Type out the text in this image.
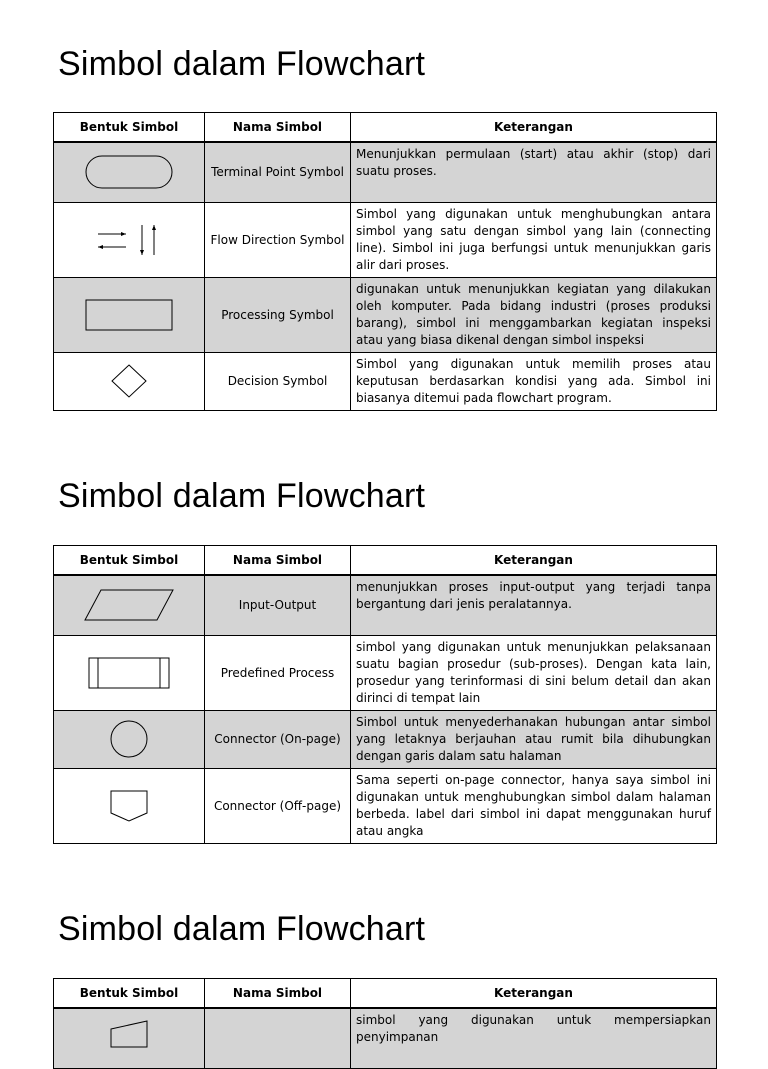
Simbol dalam Flowchart
Bentuk Simbol	Nama Simbol	Keterangan

	Terminal Point Symbol	Menunjukkan permulaan (start) atau akhir (stop) dari suatu proses.

	Flow Direction Symbol	Simbol yang digunakan untuk menghubungkan antara simbol yang satu dengan simbol yang lain (connecting line). Simbol ini juga berfungsi untuk menunjukkan garis alir dari proses.

	Processing Symbol	digunakan untuk menunjukkan kegiatan yang dilakukan oleh komputer. Pada bidang industri (proses produksi barang), simbol ini menggambarkan kegiatan inspeksi atau yang biasa dikenal dengan simbol inspeksi

	Decision Symbol	Simbol yang digunakan untuk memilih proses atau keputusan berdasarkan kondisi yang ada. Simbol ini biasanya ditemui pada flowchart program.
Simbol dalam Flowchart
Bentuk Simbol	Nama Simbol	Keterangan

	Input-Output	menunjukkan proses input-output yang terjadi tanpa bergantung dari jenis peralatannya.

	Predefined Process	simbol yang digunakan untuk menunjukkan pelaksanaan suatu bagian prosedur (sub-proses). Dengan kata lain, prosedur yang terinformasi di sini belum detail dan akan dirinci di tempat lain

	Connector (On-page)	Simbol untuk menyederhanakan hubungan antar simbol yang letaknya berjauhan atau rumit bila dihubungkan dengan garis dalam satu halaman

	Connector (Off-page)	Sama seperti on-page connector, hanya saya simbol ini digunakan untuk menghubungkan simbol dalam halaman berbeda. label dari simbol ini dapat menggunakan huruf atau angka
Simbol dalam Flowchart
Bentuk Simbol	Nama Simbol	Keterangan

		simbol yang digunakan untuk mempersiapkan penyimpanan
